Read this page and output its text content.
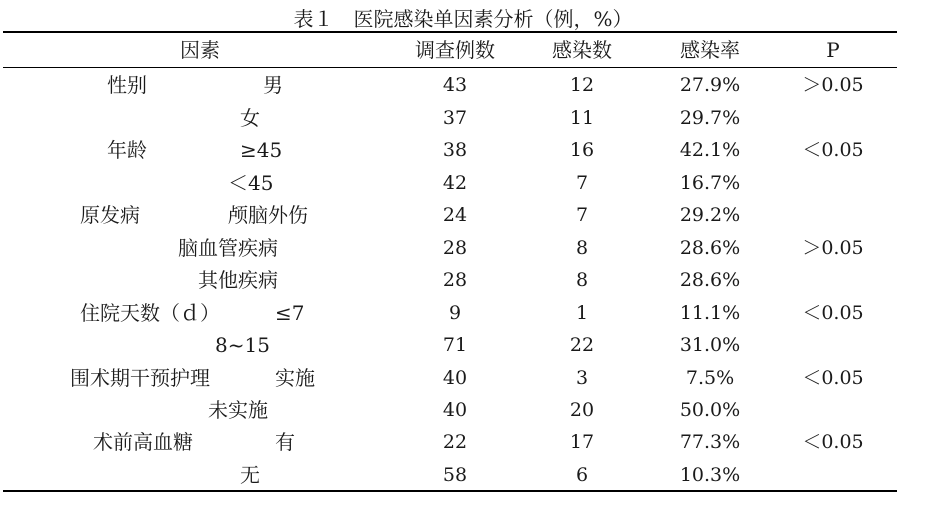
表１　医院感染单因素分析（例，%）
因素	调查例数	感染数	感染率	P
性别	男	43	12	27.9%	＞0.05
女	37	11	29.7%
年龄	≥45	38	16	42.1%	＜0.05
＜45	42	7	16.7%
原发病	颅脑外伤	24	7	29.2%
脑血管疾病	28	8	28.6%	＞0.05
其他疾病	28	8	28.6%
住院天数（ｄ）	≤7	9	1	11.1%	＜0.05
8~15	71	22	31.0%
围术期干预护理	实施	40	3	7.5%	＜0.05
未实施	40	20	50.0%
术前高血糖	有	22	17	77.3%	＜0.05
无	58	6	10.3%
